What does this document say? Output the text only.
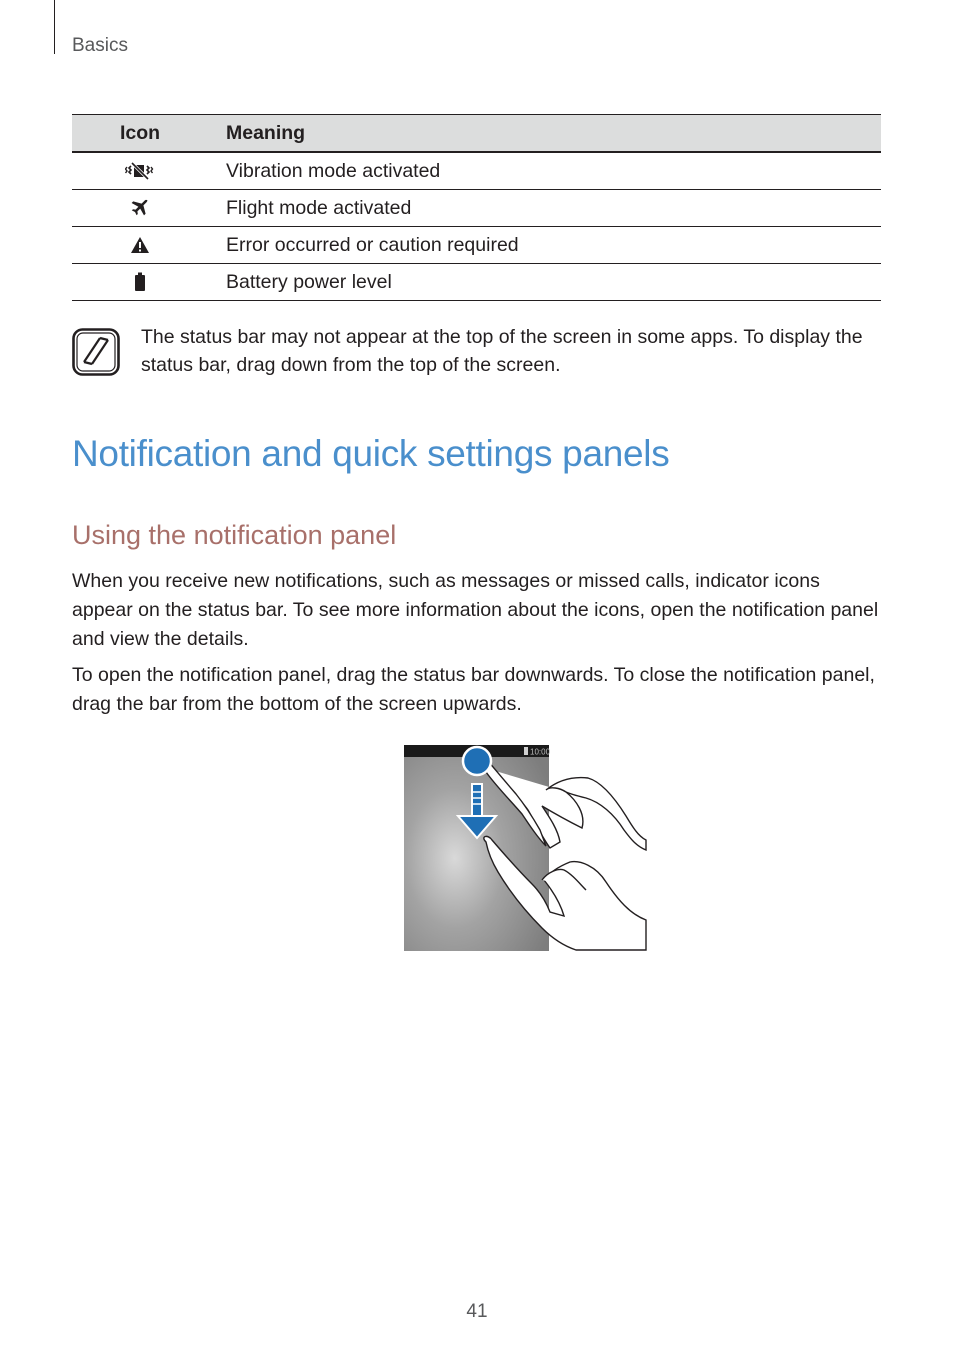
Basics
Icon	Meaning
	Vibration mode activated
	Flight mode activated
	Error occurred or caution required
	Battery power level
The status bar may not appear at the top of the screen in some apps. To display the status bar, drag down from the top of the screen.
Notification and quick settings panels
Using the notification panel

When you receive new notifications, such as messages or missed calls, indicator icons appear on the status bar. To see more information about the icons, open the notification panel and view the details.

To open the notification panel, drag the status bar downwards. To close the notification panel, drag the bar from the bottom of the screen upwards.

10:00
41
